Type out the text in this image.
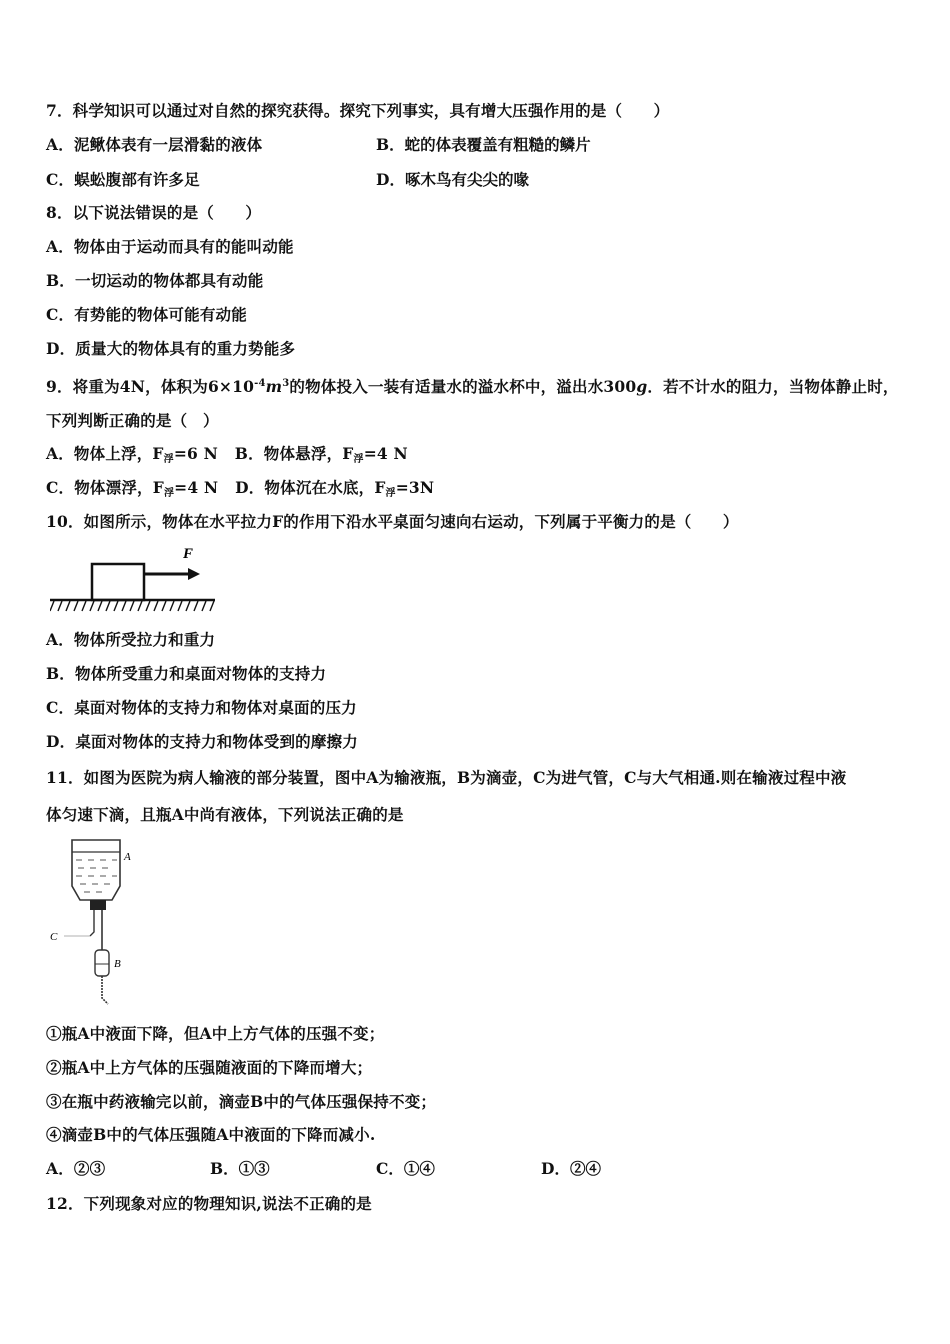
7．科学知识可以通过对自然的探究获得。探究下列事实，具有增大压强作用的是（　　）
A．泥鳅体表有一层滑黏的液体	B．蛇的体表覆盖有粗糙的鳞片
C．蜈蚣腹部有许多足	D．啄木鸟有尖尖的喙
8．以下说法错误的是（　　）
A．物体由于运动而具有的能叫动能
B．一切运动的物体都具有动能
C．有势能的物体可能有动能
D．质量大的物体具有的重力势能多
9．将重为4N，体积为$6\times 10^{-4}m^3$的物体投入一装有适量水的溢水杯中，溢出水300g．若不计水的阻力，当物体静止时，
下列判断正确的是（　）
A．物体上浮，$F_浮=6$ N B．物体悬浮，$F_浮=4$ N
C．物体漂浮，$F_浮=4$ N D．物体沉在水底，$F_浮=3N$
10．如图所示，物体在水平拉力F的作用下沿水平桌面匀速向右运动，下列属于平衡力的是（　　）
F
A．物体所受拉力和重力
B．物体所受重力和桌面对物体的支持力
C．桌面对物体的支持力和物体对桌面的压力
D．桌面对物体的支持力和物体受到的摩擦力
11．如图为医院为病人输液的部分装置，图中A为输液瓶，B为滴壶，C为进气管，C与大气相通.则在输液过程中液
体匀速下滴，且瓶A中尚有液体，下列说法正确的是
A
C
B
①瓶A中液面下降，但A中上方气体的压强不变；
②瓶A中上方气体的压强随液面的下降而增大；
③在瓶中药液输完以前，滴壶B中的气体压强保持不变；
④滴壶B中的气体压强随A中液面的下降而减小.
A．②③	B．①③	C．①④	D．②④
12．下列现象对应的物理知识,说法不正确的是
